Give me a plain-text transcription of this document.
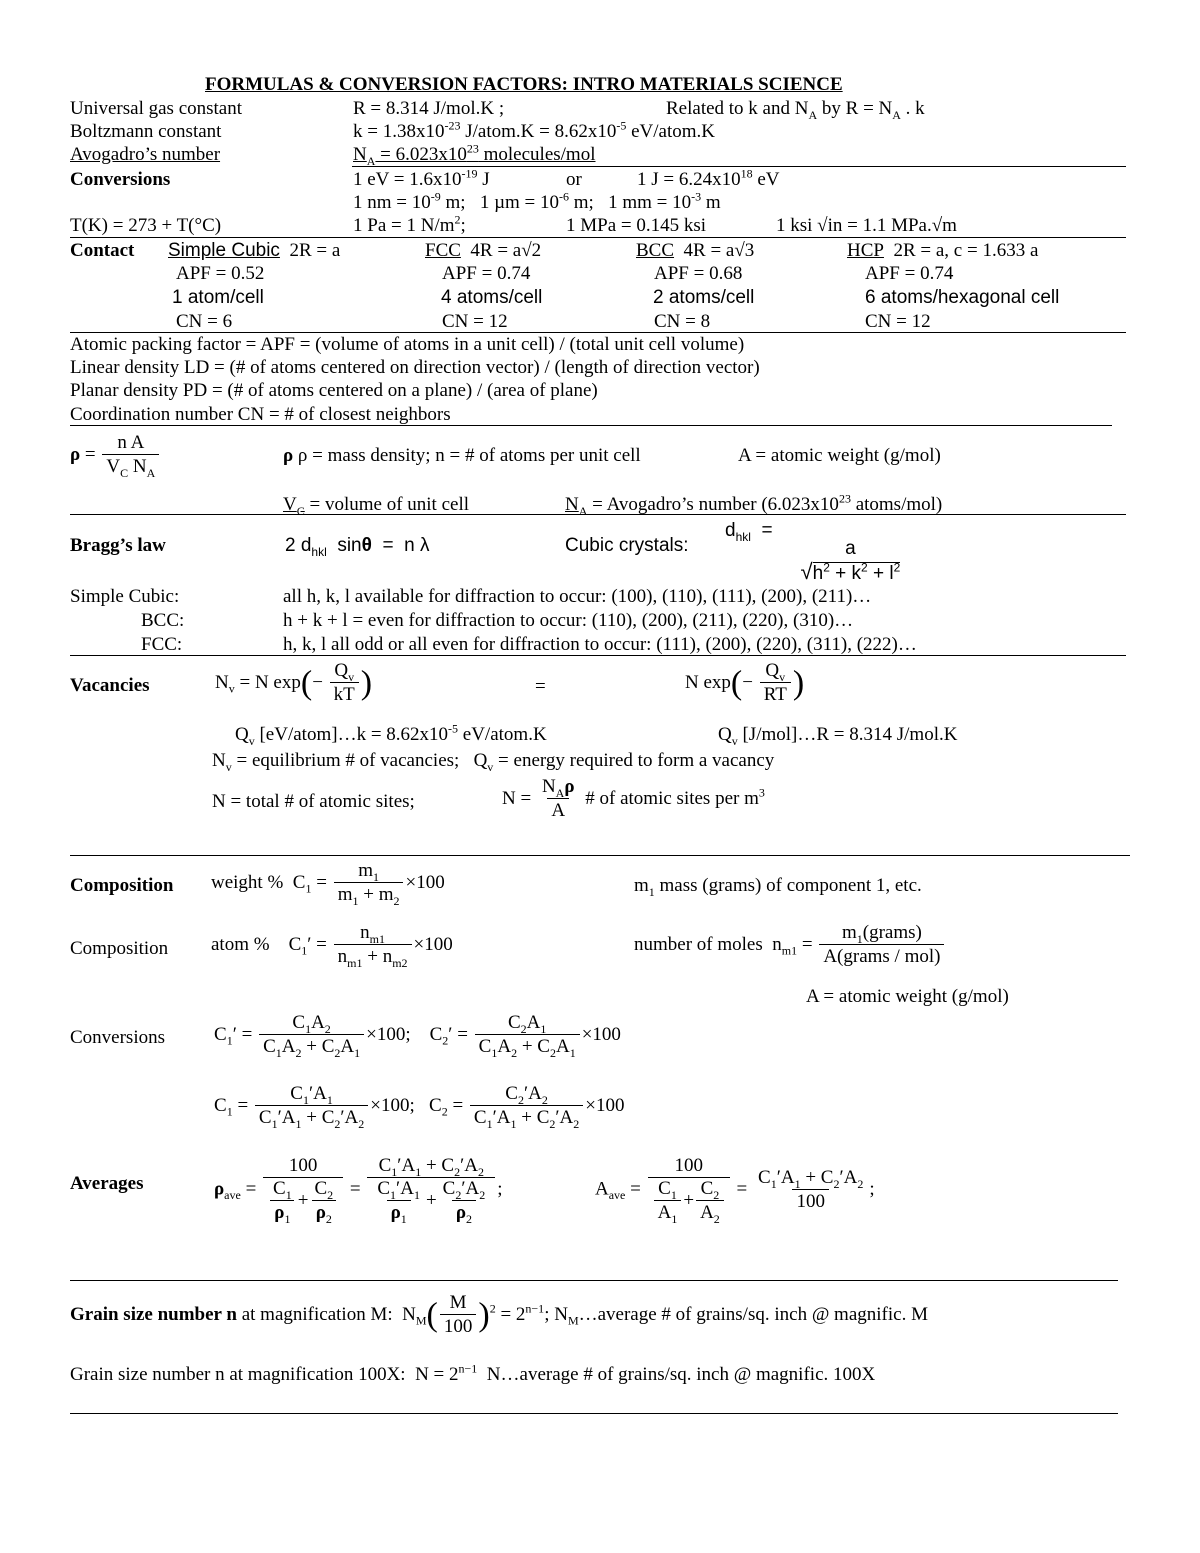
FORMULAS & CONVERSION FACTORS: INTRO MATERIALS SCIENCE
Universal gas constant	R = 8.314 J/mol.K ;	Related to k and $N_A$ by $R = N_A$ . k
Boltzmann constant	$k = 1.38x10^{-23}$ J/atom.K = $8.62x10^{-5}$ eV/atom.K
Avogadro’s number	$N_A = 6.023x10^{23}$ molecules/mol
Conversions	1 eV = $1.6x10^{-19}$ J	or	1 $J = 6.24x10^{18}$ eV
1 nm = $10^{-9}$ m; 1 $\mu m = 10^{-6}$ m; 1 mm = $10^{-3}$ m
T(K) = 273 + T(°C)	1 Pa = 1 $N/m^2$;	1 MPa = 0.145 ksi	1 ksi √in = 1.1 MPa.√m
Contact Simple Cubic 2R = a	FCC 4R = a√2	BCC 4R = a√3	HCP 2R = a, c = 1.633 a
APF = 0.52	APF = 0.74	APF = 0.68	APF = 0.74
1 atom/cell	4 atoms/cell	2 atoms/cell	6 atoms/hexagonal cell
CN = 6	CN = 12	CN = 8	CN = 12
Atomic packing factor = APF = (volume of atoms in a unit cell) / (total unit cell volume)
Linear density LD = (# of atoms centered on direction vector) / (length of direction vector)
Planar density PD = (# of atoms centered on a plane) / (area of plane)
Coordination number CN = # of closest neighbors
$\rho = \frac{\text{n A}}{V_C N_A}$	ρ ρ = mass density; n = # of atoms per unit cell	A = atomic weight (g/mol)
$V_C$ = volume of unit cell	$N_A$ = Avogadro’s number ($6.023x10^{23}$ atoms/mol)
Bragg’s law	2 $d_{hkl}$  sinθ  =  n λ	Cubic crystals:
$d_{hkl}$  =
a
$√h^2 + k^2 + l^2$
Simple Cubic:	all h, k, l available for diffraction to occur: (100), (110), (111), (200), (211)…
BCC:	h + k + l = even for diffraction to occur: (110), (200), (211), (220), (310)…
FCC:	h, k, l all odd or all even for diffraction to occur: (111), (200), (220), (311), (222)…
Vacancies	$N_v = N$ $\exp(- \frac{Q_v}{kT}$ )	=	N $\exp(- \frac{Q_v}{RT}$ )
$Q_v$ [eV/atom]…k = $8.62x10^{-5}$ eV/atom.K	$Q_v$ [J/mol]…R = 8.314 J/mol.K
$N_v$ = equilibrium # of vacancies;   $Q_v$ = energy required to form a vacancy
N = total # of atomic sites;	$N = \frac{N_A\rho}{A}$ # of atomic sites per $m^3$
Composition weight %  $C_1 = \frac{m_1}{m_1 + m_2} \times 100$	$m_1$ mass (grams) of component 1, etc.
Composition atom %    $C_1' = \frac{n_{m1}}{n_{m1} + n_{m2}} \times 100$	number of moles  $n_{m1} = \frac{m_1(grams)}{\text{A(grams / mol)}}$
A = atomic weight (g/mol)
Conversions	$C_1' = \frac{C_1A_2}{C_1A_2 + C_2A_1} \times 100$;    $C_2' = \frac{C_2A_1}{C_1A_2 + C_2A_1} \times 100$
$C_1 = \frac{C_1'A_1}{C_1'A_1 + C_2'A_2} \times 100$;   $C_2 = \frac{C_2'A_2}{C_1'A_1 + C_2'A_2} \times 100$
Averages	$\rho_{ave} = \frac{100}{\frac{C_1}{\rho_1} + \frac{C_2}{\rho_2}} = \frac{C_1'A_1 + C_2'A_2}{\frac{C_1'A_1}{\rho_1} + \frac{C_2'A_2}{\rho_2}}$ ;	$A_{ave} = \frac{100}{\frac{C_1}{A_1} + \frac{C_2}{A_2}} = \frac{C_1'A_1 + C_2'A_2}{100}$ ;
Grain size number n at magnification M:  $N_M( \frac{M}{100} )^2 = 2^{n-1}$; $N_M\dots average$ # of grains/sq. inch @ magnific. M
Grain size number n at magnification 100X:  $N = 2^{n-1}$ N…average # of grains/sq. inch @ magnific. 100X
